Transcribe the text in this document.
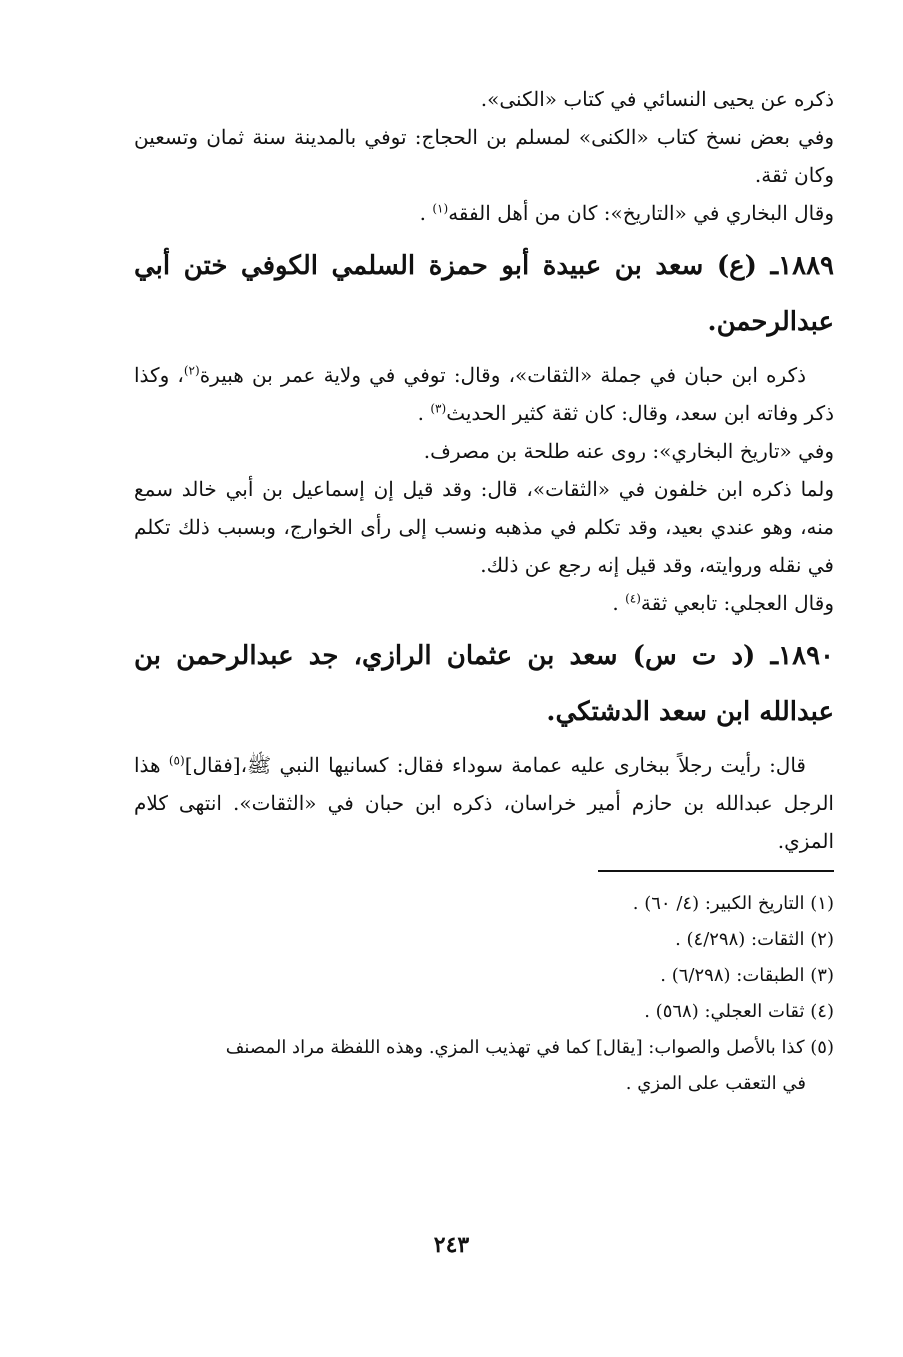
ذكره عن يحيى النسائي في كتاب «الكنى».

وفي بعض نسخ كتاب «الكنى» لمسلم بن الحجاج: توفي بالمدينة سنة ثمان وتسعين وكان ثقة.

وقال البخاري في «التاريخ»: كان من أهل الفقه$^{(١)}$ .

١٨٨٩ـ (ع) سعد بن عبيدة أبو حمزة السلمي الكوفي ختن أبي عبدالرحمن.

ذكره ابن حبان في جملة «الثقات»، وقال: توفي في ولاية عمر بن هبيرة$^{(٢)}$، وكذا ذكر وفاته ابن سعد، وقال: كان ثقة كثير الحديث$^{(٣)}$ .

وفي «تاريخ البخاري»: روى عنه طلحة بن مصرف.

ولما ذكره ابن خلفون في «الثقات»، قال: وقد قيل إن إسماعيل بن أبي خالد سمع منه، وهو عندي بعيد، وقد تكلم في مذهبه ونسب إلى رأى الخوارج، وبسبب ذلك تكلم في نقله وروايته، وقد قيل إنه رجع عن ذلك.

وقال العجلي: تابعي ثقة$^{(٤)}$ .

١٨٩٠ـ (د ت س) سعد بن عثمان الرازي، جد عبدالرحمن بن عبدالله ابن سعد الدشتكي.

قال: رأيت رجلاً ببخارى عليه عمامة سوداء فقال: كسانيها النبي ﷺ،[فقال]$^{(٥)}$ هذا الرجل عبدالله بن حازم أمير خراسان، ذكره ابن حبان في «الثقات». انتهى كلام المزي.

(١) التاريخ الكبير: (٤/ ٦٠) .

(٢) الثقات: (٤/٢٩٨) .

(٣) الطبقات: (٦/٢٩٨) .

(٤) ثقات العجلي: (٥٦٨) .

(٥) كذا بالأصل والصواب: [يقال] كما في تهذيب المزي. وهذه اللفظة مراد المصنف

في التعقب على المزي .

٢٤٣
